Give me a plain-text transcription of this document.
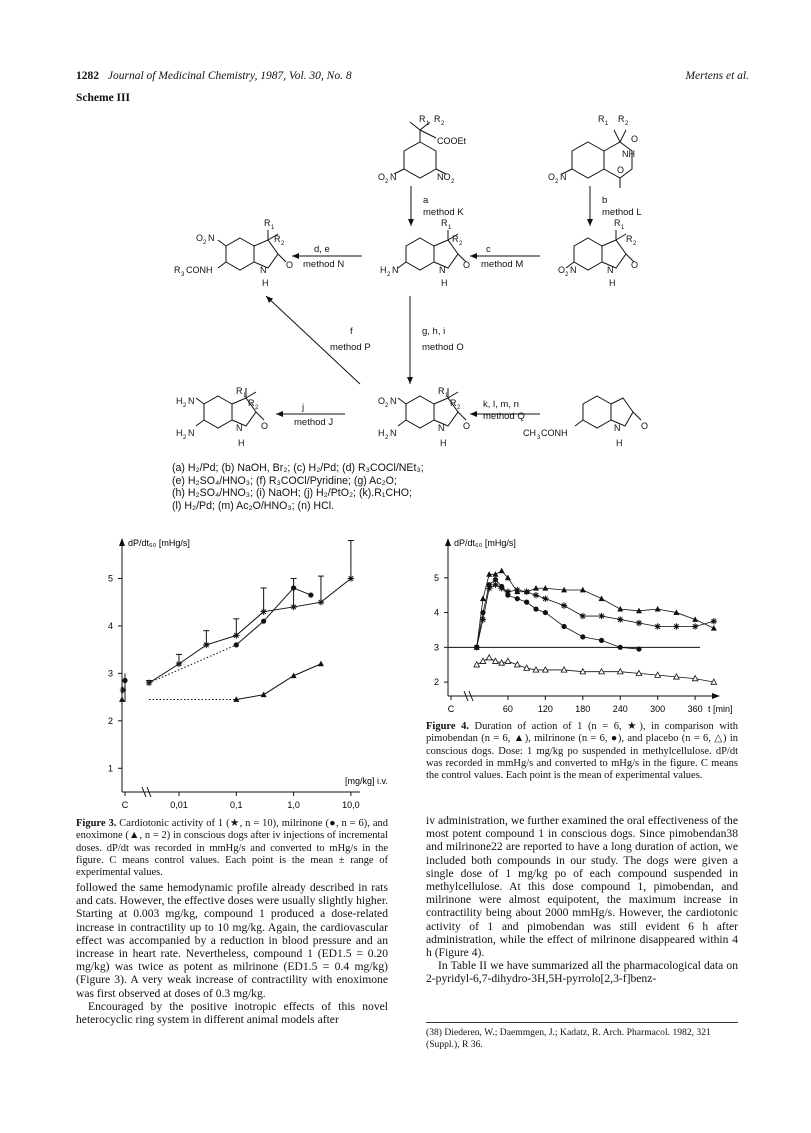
1282 Journal of Medicinal Chemistry, 1987, Vol. 30, No. 8	Mertens et al.
Scheme III
R 1 R 2
COOEt
O 2 N	NO 2
R 1 R 2
O
NH
O
O 2 N
O 2 N
R 1
R 2
R 3 CONH	N O
H
R 1
R 2
H 2 N	N O
H
R 1
R 2
O 2 N	N O
H
R 1
R 2
H 2 N
H 2 N	N O
H
R 1
R 2
O 2 N
H 2 N	N O
H
CH 3 CONH	N O
H
a
method K
b
method L
c
method M
d, e
method N
f
method P
g, h, i
method O
j
method J
k, l, m, n
method Q
(a) H₂/Pd; (b) NaOH, Br₂; (c) H₂/Pd; (d) R₃COCl/NEt₃;
(e) H₂SO₄/HNO₃; (f) R₃COCl/Pyridine; (g) Ac₂O;
(h) H₂SO₄/HNO₃; (i) NaOH; (j) H₂/PtO₂; (k).R₁CHO;
(l) H₂/Pd; (m) Ac₂O/HNO₃; (n) HCl.
dP/dt₆₀ [mHg/s]
[mg/kg] i.v.
1
2
3
4
5
C	0,01	0,1	1,0	10,0
dP/dt₆₀ [mHg/s]
t [min]
2
3
4
5
C	60	120 180 240 300 360
Figure 3. Cardiotonic activity of 1 (★, n = 10), milrinone (●, n = 6), and enoximone (▲, n = 2) in conscious dogs after iv injections of incremental doses. dP/dt was recorded in mmHg/s and converted to mHg/s in the figure. C means control values. Each point is the mean ± range of experimental values.
Figure 4. Duration of action of 1 (n = 6, ★), in comparison with pimobendan (n = 6, ▲), milrinone (n = 6, ●), and placebo (n = 6, △) in conscious dogs. Dose: 1 mg/kg po suspended in methylcellulose. dP/dt was recorded in mmHg/s and converted to mHg/s in the figure. C means the control values. Each point is the mean of experimental values.

followed the same hemodynamic profile already described in rats and cats. However, the effective doses were usually slightly higher. Starting at 0.003 mg/kg, compound 1 produced a dose-related increase in contractility up to 10 mg/kg. Again, the cardiovascular effect was accompanied by a reduction in blood pressure and an increase in heart rate. Nevertheless, compound 1 (ED1.5 = 0.20 mg/kg) was twice as potent as milrinone (ED1.5 = 0.4 mg/kg) (Figure 3). A very weak increase of contractility with enoximone was first observed at doses of 0.3 mg/kg.

Encouraged by the positive inotropic effects of this novel heterocyclic ring system in different animal models after

iv administration, we further examined the oral effectiveness of the most potent compound 1 in conscious dogs. Since pimobendan38 and milrinone22 are reported to have a long duration of action, we included both compounds in our study. The dogs were given a single dose of 1 mg/kg po of each compound suspended in methylcellulose. At this dose compound 1, pimobendan, and milrinone were almost equipotent, the maximum increase in contractility being about 2000 mmHg/s. However, the cardiotonic activity of 1 and pimobendan was still evident 6 h after administration, while the effect of milrinone disappeared within 4 h (Figure 4).

In Table II we have summarized all the pharmacological data on 2-pyridyl-6,7-dihydro-3H,5H-pyrrolo[2,3-f]benz-

(38) Diederen, W.; Daemmgen, J.; Kadatz, R. Arch. Pharmacol. 1982, 321 (Suppl.), R 36.
